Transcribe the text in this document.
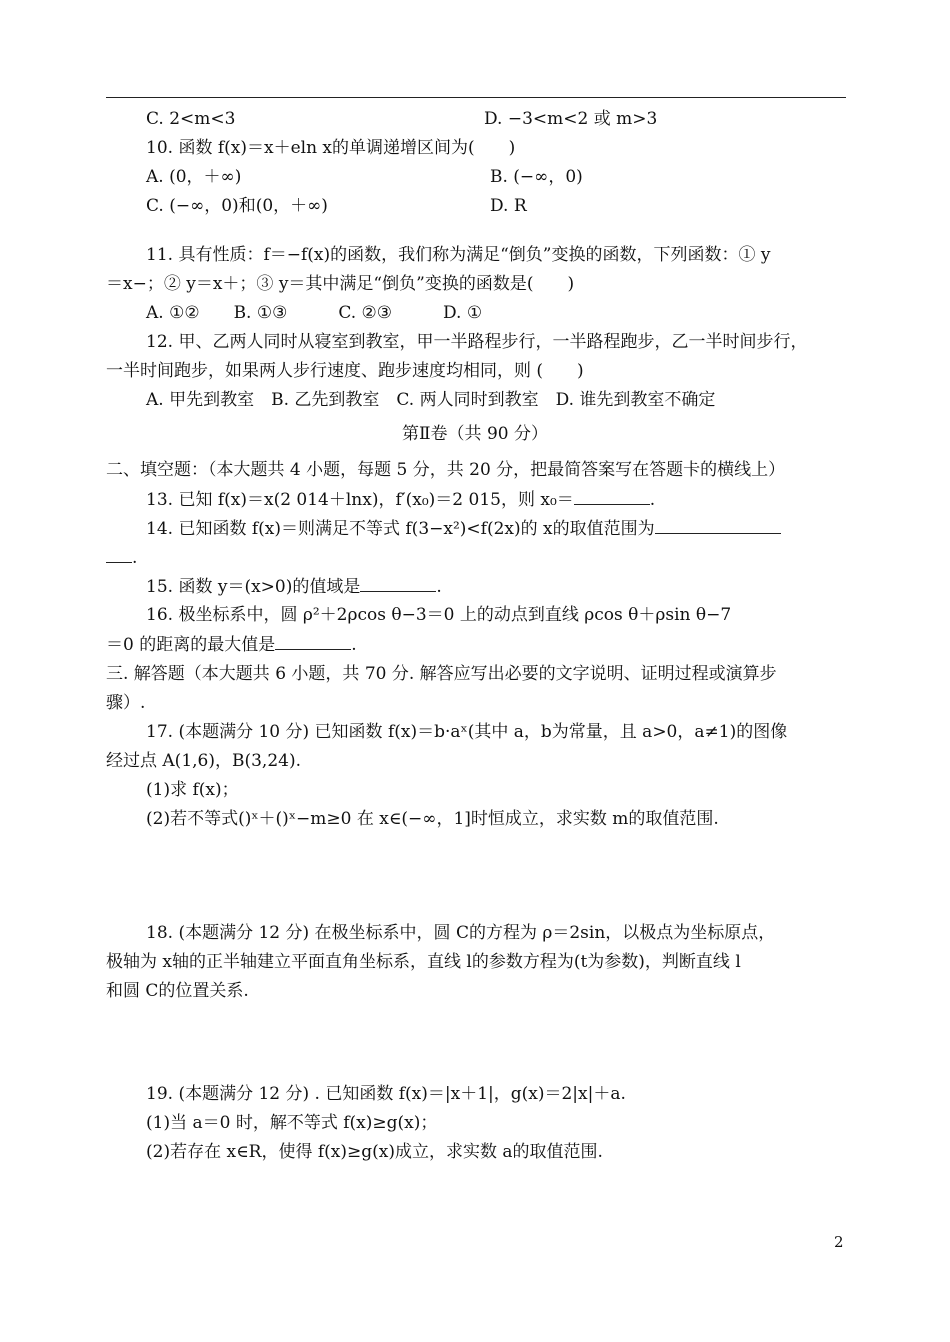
C. 2<m<3	D. −3<m<2 或 m>3
10. 函数 f(x)＝x＋eln x的单调递增区间为(　　)
A. (0，＋∞)	B. (−∞，0)
C. (−∞，0)和(0，＋∞)	D. R
11. 具有性质：f＝−f(x)的函数，我们称为满足“倒负”变换的函数，下列函数：① y
＝x−；② y＝x＋；③ y＝其中满足“倒负”变换的函数是(　　)
A. ①②　　B. ①③　　　C. ②③　　　D. ①
12. 甲、乙两人同时从寝室到教室，甲一半路程步行，一半路程跑步，乙一半时间步行，
一半时间跑步，如果两人步行速度、跑步速度均相同，则 (　　)
A. 甲先到教室　B. 乙先到教室　C. 两人同时到教室　D. 谁先到教室不确定
第Ⅱ卷（共 90 分）
二、填空题：（本大题共 4 小题，每题 5 分，共 20 分，把最简答案写在答题卡的横线上）
13. 已知 f(x)＝x(2 014＋lnx)，f′(x₀)＝2 015，则 x₀＝	.
14. 已知函数 f(x)＝则满足不等式 f(3−x²)<f(2x)的 x的取值范围为
.
15. 函数 y＝(x>0)的值域是	.
16. 极坐标系中，圆 ρ²＋2ρcos θ−3＝0 上的动点到直线 ρcos θ＋ρsin θ−7
＝0 的距离的最大值是	.
三. 解答题（本大题共 6 小题，共 70 分. 解答应写出必要的文字说明、证明过程或演算步
骤）.
17. (本题满分 10 分) 已知函数 f(x)＝b·aˣ(其中 a，b为常量，且 a>0，a≠1)的图像
经过点 A(1,6)，B(3,24).
(1)求 f(x)；
(2)若不等式()ˣ＋()ˣ−m≥0 在 x∈(−∞，1]时恒成立，求实数 m的取值范围.
18. (本题满分 12 分) 在极坐标系中，圆 C的方程为 ρ＝2sin，以极点为坐标原点，
极轴为 x轴的正半轴建立平面直角坐标系，直线 l的参数方程为(t为参数)，判断直线 l
和圆 C的位置关系.
19. (本题满分 12 分) . 已知函数 f(x)＝|x＋1|，g(x)＝2|x|＋a.
(1)当 a＝0 时，解不等式 f(x)≥g(x)；
(2)若存在 x∈R，使得 f(x)≥g(x)成立，求实数 a的取值范围.
2
